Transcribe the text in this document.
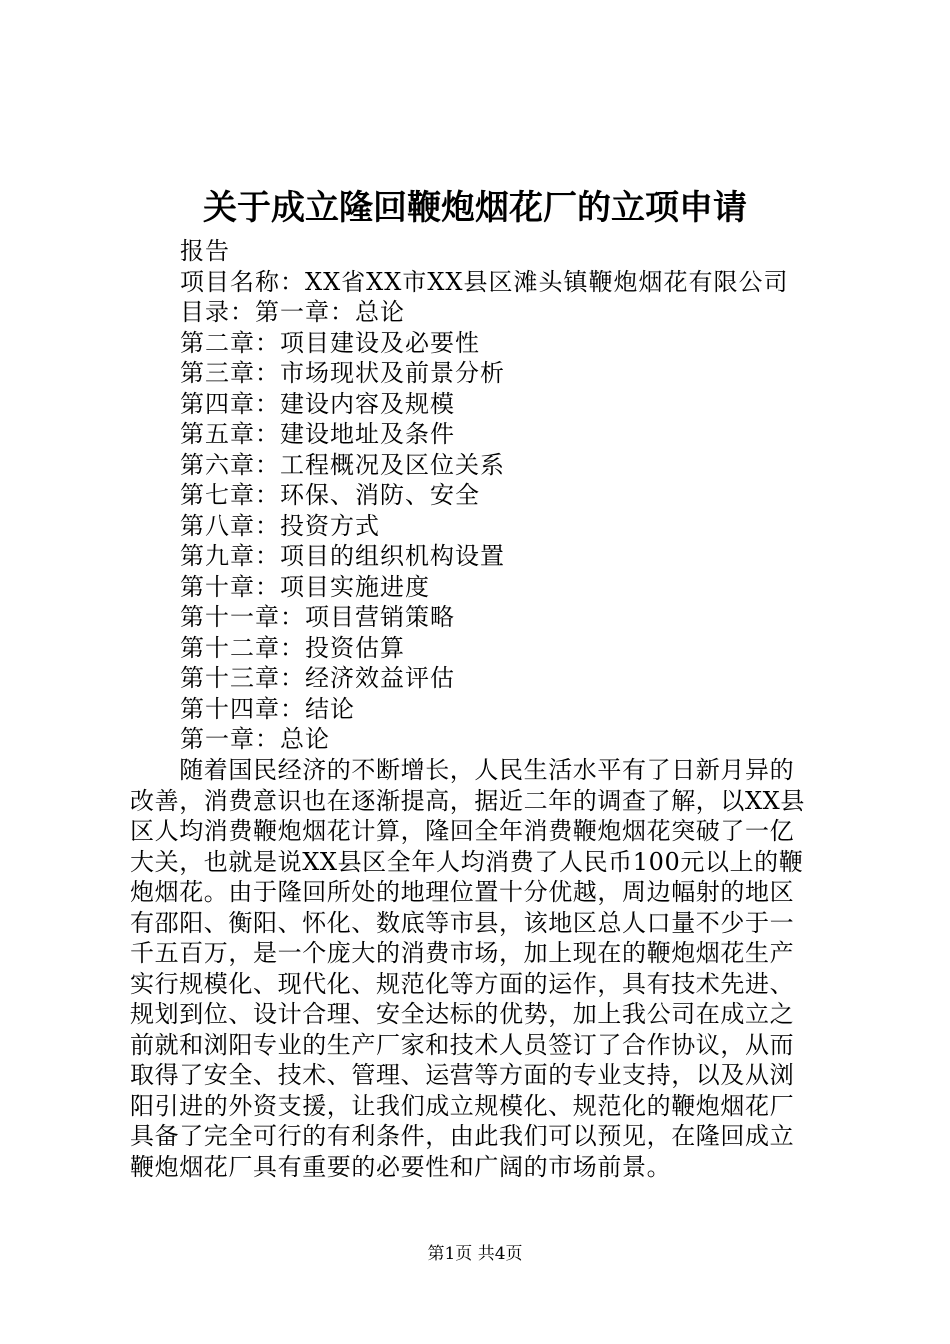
关于成立隆回鞭炮烟花厂的立项申请
报告
项目名称：XX省XX市XX县区滩头镇鞭炮烟花有限公司
目录：第一章：总论
第二章：项目建设及必要性
第三章：市场现状及前景分析
第四章：建设内容及规模
第五章：建设地址及条件
第六章：工程概况及区位关系
第七章：环保、消防、安全
第八章：投资方式
第九章：项目的组织机构设置
第十章：项目实施进度
第十一章：项目营销策略
第十二章：投资估算
第十三章：经济效益评估
第十四章：结论
第一章：总论
　　随着国民经济的不断增长，人民生活水平有了日新月异的
改善，消费意识也在逐渐提高，据近二年的调查了解，以XX县
区人均消费鞭炮烟花计算，隆回全年消费鞭炮烟花突破了一亿
大关，也就是说XX县区全年人均消费了人民币100元以上的鞭
炮烟花。由于隆回所处的地理位置十分优越，周边幅射的地区
有邵阳、衡阳、怀化、数底等市县，该地区总人口量不少于一
千五百万，是一个庞大的消费市场，加上现在的鞭炮烟花生产
实行规模化、现代化、规范化等方面的运作，具有技术先进、
规划到位、设计合理、安全达标的优势，加上我公司在成立之
前就和浏阳专业的生产厂家和技术人员签订了合作协议，从而
取得了安全、技术、管理、运营等方面的专业支持，以及从浏
阳引进的外资支援，让我们成立规模化、规范化的鞭炮烟花厂
具备了完全可行的有利条件，由此我们可以预见，在隆回成立
鞭炮烟花厂具有重要的必要性和广阔的市场前景。
第1页 共4页
